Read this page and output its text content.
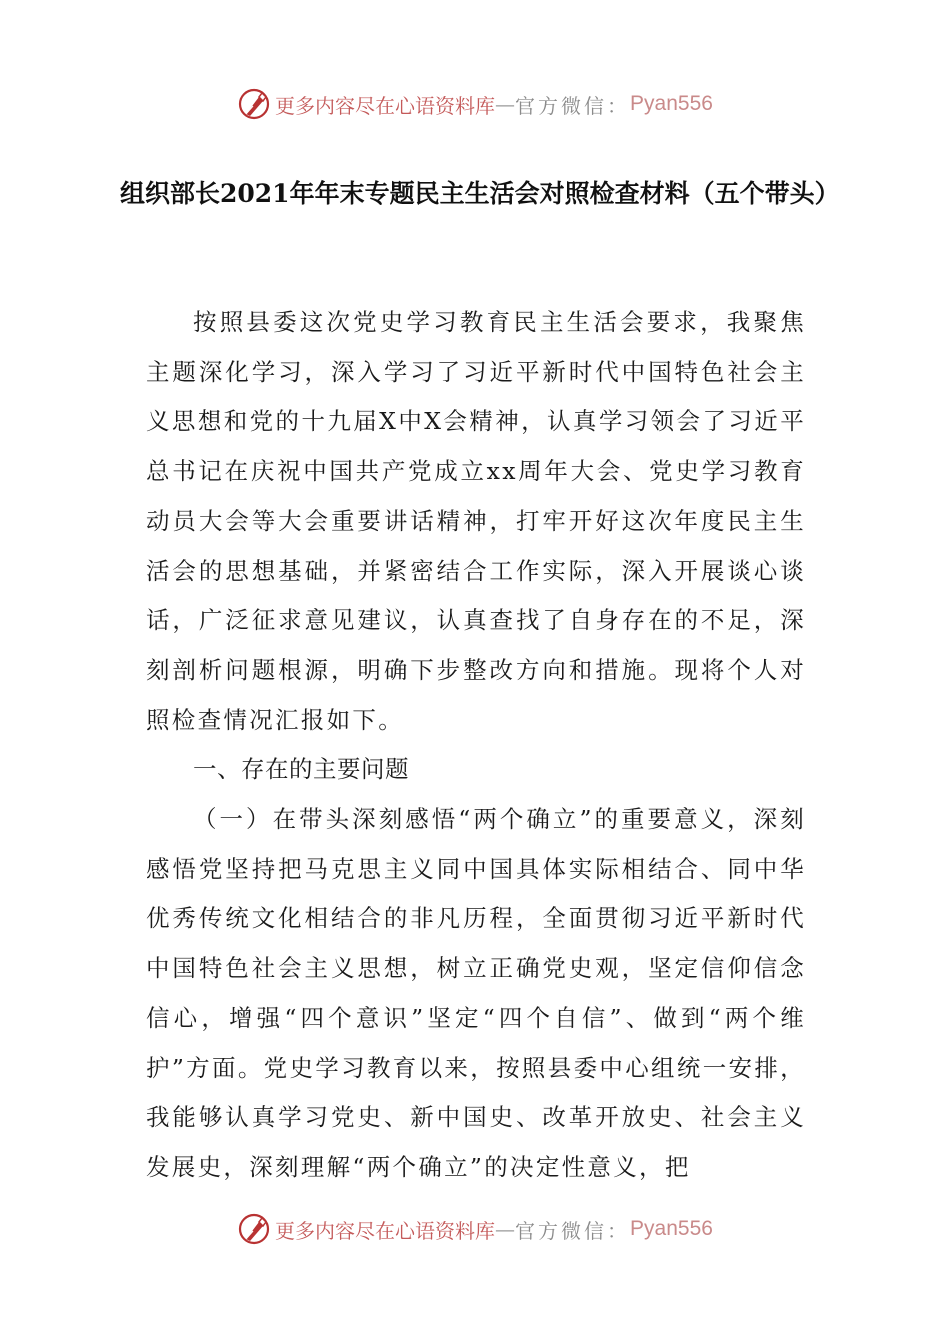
更多内容尽在心语资料库 — 官方微信： Pyan556
组织部长2021年年末专题民主生活会对照检查材料（五个带头）

按照县委这次党史学习教育民主生活会要求，我聚焦主题深化学习，深入学习了习近平新时代中国特色社会主义思想和党的十九届X中X会精神，认真学习领会了习近平总书记在庆祝中国共产党成立xx周年大会、党史学习教育动员大会等大会重要讲话精神，打牢开好这次年度民主生活会的思想基础，并紧密结合工作实际，深入开展谈心谈话，广泛征求意见建议，认真查找了自身存在的不足，深刻剖析问题根源，明确下步整改方向和措施。现将个人对照检查情况汇报如下。

一、存在的主要问题

（一）在带头深刻感悟“两个确立”的重要意义，深刻感悟党坚持把马克思主义同中国具体实际相结合、同中华优秀传统文化相结合的非凡历程，全面贯彻习近平新时代中国特色社会主义思想，树立正确党史观，坚定信仰信念信心，增强“四个意识”坚定“四个自信”、做到“两个维护”方面。党史学习教育以来，按照县委中心组统一安排，我能够认真学习党史、新中国史、改革开放史、社会主义发展史，深刻理解“两个确立”的决定性意义，把

更多内容尽在心语资料库 — 官方微信： Pyan556
